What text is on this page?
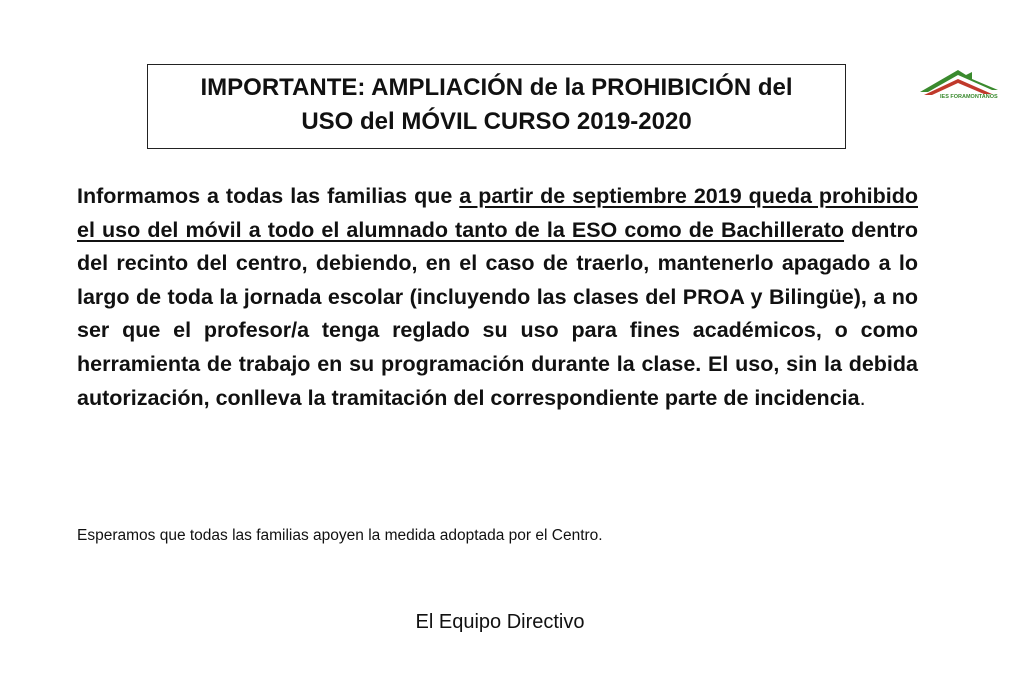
IMPORTANTE: AMPLIACIÓN de la PROHIBICIÓN del
USO del MÓVIL CURSO 2019-2020
IES FORAMONTANOS
Informamos a todas las familias que a partir de septiembre 2019 queda prohibido el uso del móvil a todo el alumnado tanto de la ESO como de Bachillerato dentro del recinto del centro, debiendo, en el caso de traerlo, mantenerlo apagado a lo largo de toda la jornada escolar (incluyendo las clases del PROA y Bilingüe), a no ser que el profesor/a tenga reglado su uso para fines académicos, o como herramienta de trabajo en su programación durante la clase. El uso, sin la debida autorización, conlleva la tramitación del correspondiente parte de incidencia.
Esperamos que todas las familias apoyen la medida adoptada por el Centro.
El Equipo Directivo
